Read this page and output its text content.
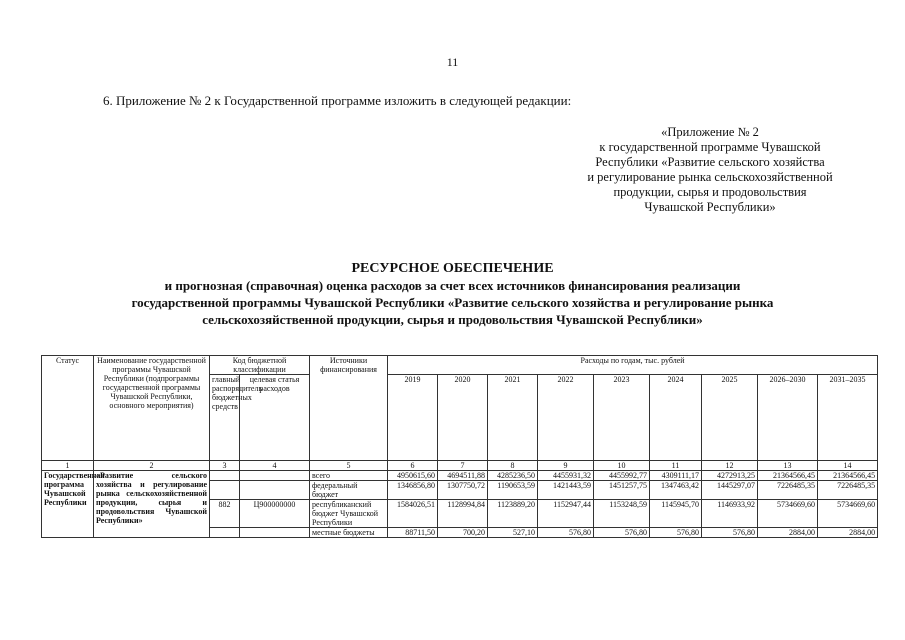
11
6. Приложение № 2 к Государственной программе изложить в следующей редакции:
«Приложение № 2
к государственной программе Чувашской
Республики «Развитие сельского хозяйства
и регулирование рынка сельскохозяйственной
продукции, сырья и продовольствия
Чувашской Республики»
РЕСУРСНОЕ ОБЕСПЕЧЕНИЕ
и прогнозная (справочная) оценка расходов за счет всех источников финансирования реализации
государственной программы Чувашской Республики «Развитие сельского хозяйства и регулирование рынка
сельскохозяйственной продукции, сырья и продовольствия Чувашской Республики»
Статус	Наименование государственной программы Чувашской Республики (подпрограммы государственной программы Чувашской Республики, основного мероприятия)	Код бюджетной классификации		Источники финансирования	Расходы по годам, тыс. рублей								
		главный распорядитель бюджетных средств	целевая статья расходов		2019	2020	2021	2022	2023	2024	2025	2026–2030	2031–2035
1	2	3	4	5	6	7	8	9	10	11	12	13	14
Государственная программа Чувашской Республики	«Развитие сельского хозяйства и регулирование рынка сельскохозяйственной продукции, сырья и продовольствия Чувашской Республики»			всего	4950615,60	4694511,88	4285236,50	4455931,32	4455992,77	4309111,17	4272913,25	21364566,45	21364566,45
				федеральный бюджет	1346856,80	1307750,72	1190653,59	1421443,59	1451257,75	1347463,42	1445297,07	7226485,35	7226485,35
		882	Ц900000000	республиканский бюджет Чувашской Республики	1584026,51	1128994,84	1123889,20	1152947,44	1153248,59	1145945,70	1146933,92	5734669,60	5734669,60
				местные бюджеты	88711,50	700,20	527,10	576,80	576,80	576,80	576,80	2884,00	2884,00
